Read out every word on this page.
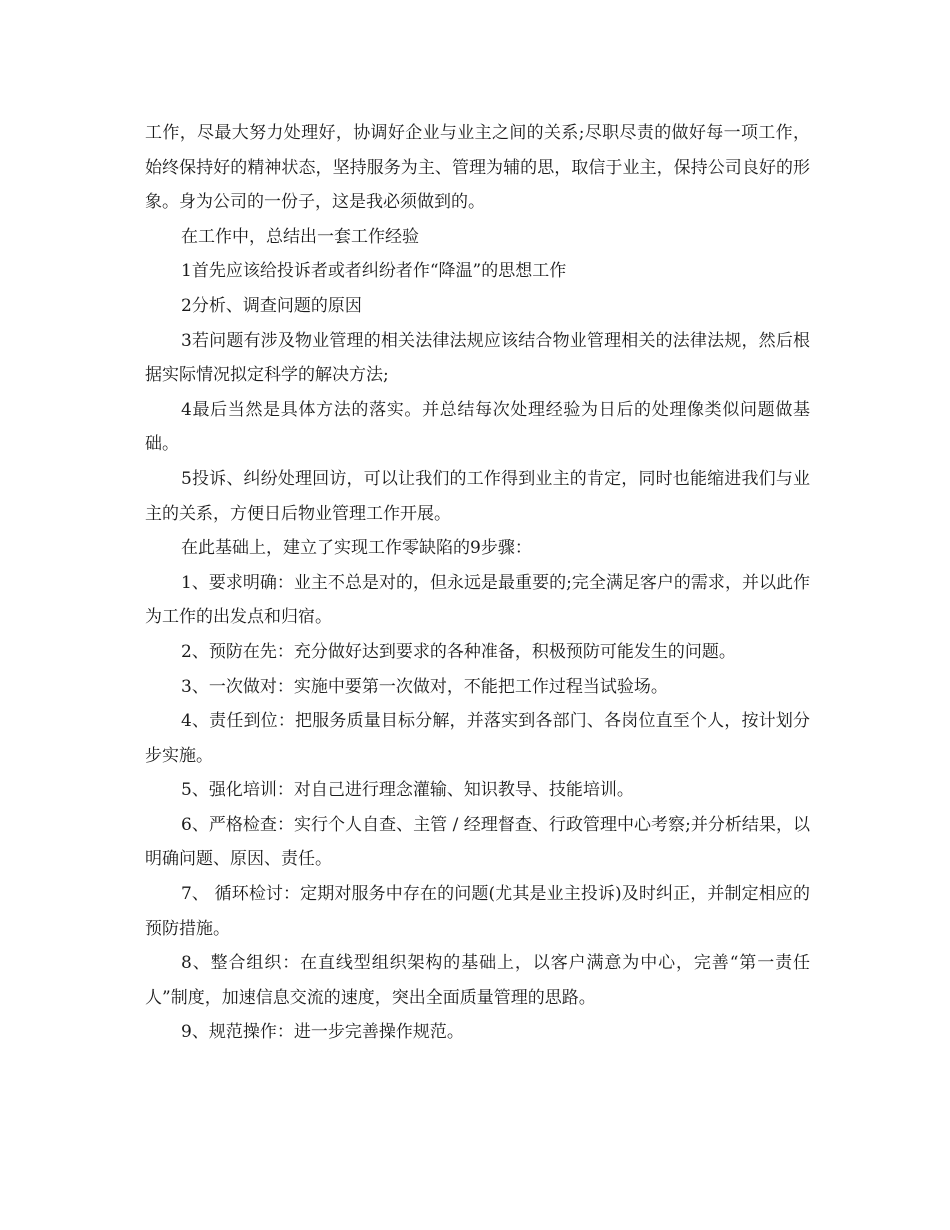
工作，尽最大努力处理好，协调好企业与业主之间的关系;尽职尽责的做好每一项工作，始终保持好的精神状态，坚持服务为主、管理为辅的思，取信于业主，保持公司良好的形象。身为公司的一份子，这是我必须做到的。

在工作中，总结出一套工作经验

1首先应该给投诉者或者纠纷者作“降温”的思想工作

2分析、调查问题的原因

3若问题有涉及物业管理的相关法律法规应该结合物业管理相关的法律法规，然后根据实际情况拟定科学的解决方法;

4最后当然是具体方法的落实。并总结每次处理经验为日后的处理像类似问题做基础。

5投诉、纠纷处理回访，可以让我们的工作得到业主的肯定，同时也能缩进我们与业主的关系，方便日后物业管理工作开展。

在此基础上，建立了实现工作零缺陷的9步骤：

1、要求明确：业主不总是对的，但永远是最重要的;完全满足客户的需求，并以此作为工作的出发点和归宿。

2、预防在先：充分做好达到要求的各种准备，积极预防可能发生的问题。

3、一次做对：实施中要第一次做对，不能把工作过程当试验场。

4、责任到位：把服务质量目标分解，并落实到各部门、各岗位直至个人，按计划分步实施。

5、强化培训：对自己进行理念灌输、知识教导、技能培训。

6、严格检查：实行个人自查、主管 / 经理督查、行政管理中心考察;并分析结果，以明确问题、原因、责任。

7、 循环检讨：定期对服务中存在的问题(尤其是业主投诉)及时纠正，并制定相应的预防措施。

8、整合组织：在直线型组织架构的基础上，以客户满意为中心，完善“第一责任人”制度，加速信息交流的速度，突出全面质量管理的思路。

9、规范操作：进一步完善操作规范。
